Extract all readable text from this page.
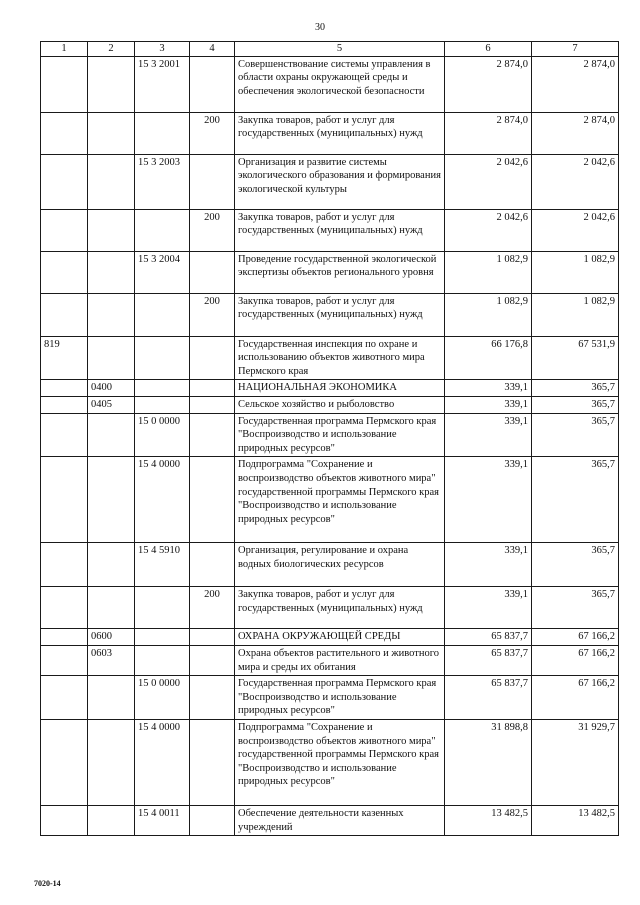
30
1	2	3	4	5	6	7
		15 3 2001		Совершенствование системы управления в области охраны окружающей среды и обеспечения экологической безопасности	2 874,0	2 874,0
			200	Закупка товаров, работ и услуг для государственных (муниципальных) нужд	2 874,0	2 874,0
		15 3 2003		Организация и развитие системы экологического образования и формирования экологической культуры	2 042,6	2 042,6
			200	Закупка товаров, работ и услуг для государственных (муниципальных) нужд	2 042,6	2 042,6
		15 3 2004		Проведение государственной экологической экспертизы объектов регионального уровня	1 082,9	1 082,9
			200	Закупка товаров, работ и услуг для государственных (муниципальных) нужд	1 082,9	1 082,9
819				Государственная инспекция по охране и использованию объектов животного мира Пермского края	66 176,8	67 531,9
	0400			НАЦИОНАЛЬНАЯ ЭКОНОМИКА	339,1	365,7
	0405			Сельское хозяйство и рыболовство	339,1	365,7
		15 0 0000		Государственная программа Пермского края "Воспроизводство и использование природных ресурсов"	339,1	365,7
		15 4 0000		Подпрограмма "Сохранение и воспроизводство объектов животного мира" государственной программы Пермского края "Воспроизводство и использование природных ресурсов"	339,1	365,7
		15 4 5910		Организация, регулирование и охрана водных биологических ресурсов	339,1	365,7
			200	Закупка товаров, работ и услуг для государственных (муниципальных) нужд	339,1	365,7
	0600			ОХРАНА ОКРУЖАЮЩЕЙ СРЕДЫ	65 837,7	67 166,2
	0603			Охрана объектов растительного и животного мира и среды их обитания	65 837,7	67 166,2
		15 0 0000		Государственная программа Пермского края "Воспроизводство и использование природных ресурсов"	65 837,7	67 166,2
		15 4 0000		Подпрограмма "Сохранение и воспроизводство объектов животного мира" государственной программы Пермского края "Воспроизводство и использование природных ресурсов"	31 898,8	31 929,7
		15 4 0011		Обеспечение деятельности казенных учреждений	13 482,5	13 482,5
7020-14
